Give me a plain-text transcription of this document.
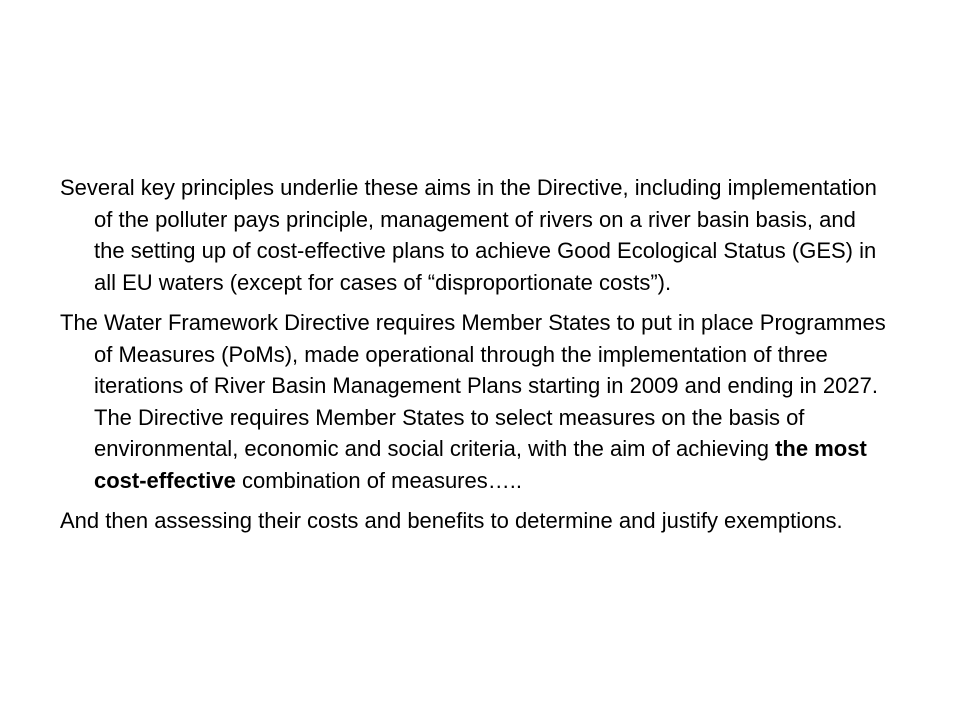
Several key principles underlie these aims in the Directive, including implementation of the polluter pays principle, management of rivers on a river basin basis, and the setting up of cost-effective plans to achieve Good Ecological Status (GES) in all EU waters (except for cases of “disproportionate costs”).

The Water Framework Directive requires Member States to put in place Programmes of Measures (PoMs), made operational through the implementation of three iterations of River Basin Management Plans starting in 2009 and ending in 2027. The Directive requires Member States to select measures on the basis of environmental, economic and social criteria, with the aim of achieving the most cost-effective combination of measures…..

And then assessing their costs and benefits to determine and justify exemptions.
